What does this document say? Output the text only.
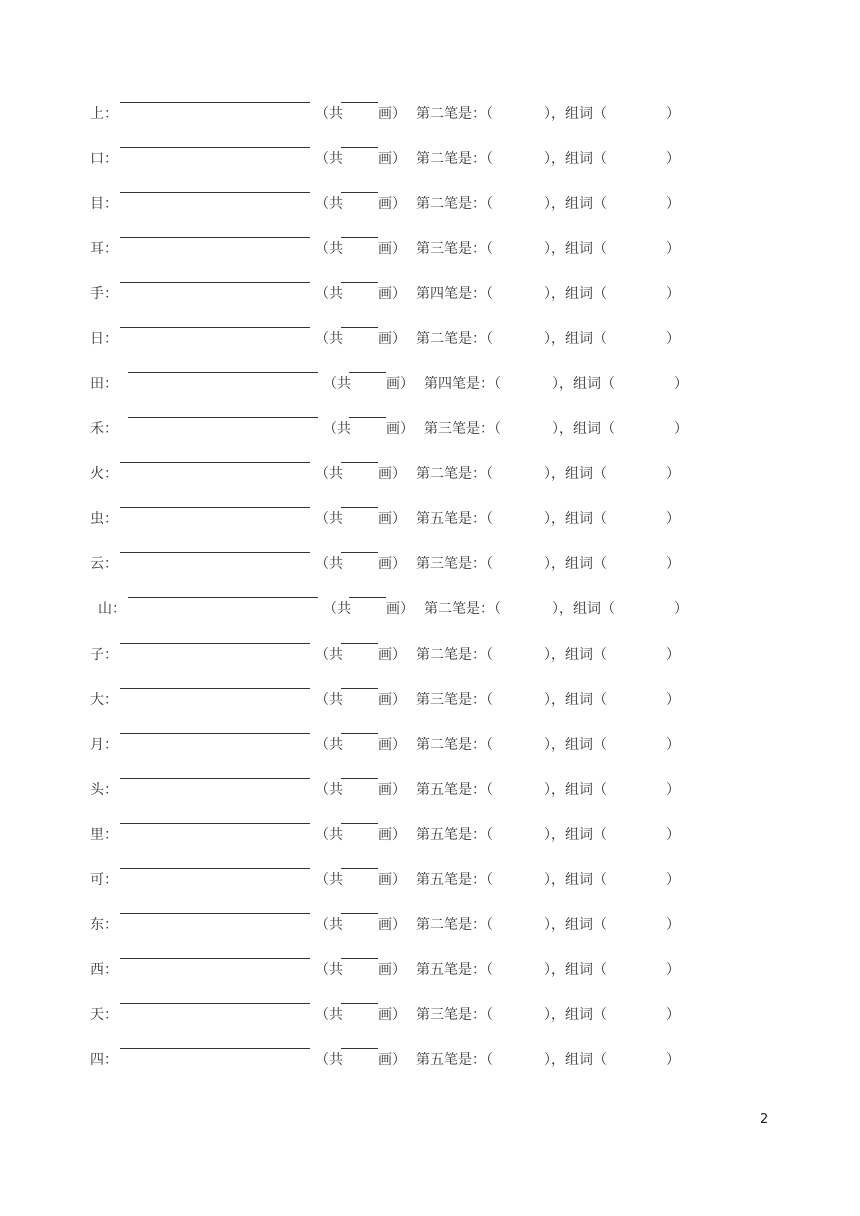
上：	（共	画） 第二笔是：（	），组词（	）
口：	（共	画） 第二笔是：（	），组词（	）
目：	（共	画） 第二笔是：（	），组词（	）
耳：	（共	画） 第三笔是：（	），组词（	）
手：	（共	画） 第四笔是：（	），组词（	）
日：	（共	画） 第二笔是：（	），组词（	）
田：	（共	画） 第四笔是：（	），组词（	）
禾：	（共	画） 第三笔是：（	），组词（	）
火：	（共	画） 第二笔是：（	），组词（	）
虫：	（共	画） 第五笔是：（	），组词（	）
云：	（共	画） 第三笔是：（	），组词（	）
山：	（共	画） 第二笔是：（	），组词（	）
子：	（共	画） 第二笔是：（	），组词（	）
大：	（共	画） 第三笔是：（	），组词（	）
月：	（共	画） 第二笔是：（	），组词（	）
头：	（共	画） 第五笔是：（	），组词（	）
里：	（共	画） 第五笔是：（	），组词（	）
可：	（共	画） 第五笔是：（	），组词（	）
东：	（共	画） 第二笔是：（	），组词（	）
西：	（共	画） 第五笔是：（	），组词（	）
天：	（共	画） 第三笔是：（	），组词（	）
四：	（共	画） 第五笔是：（	），组词（	）
2
